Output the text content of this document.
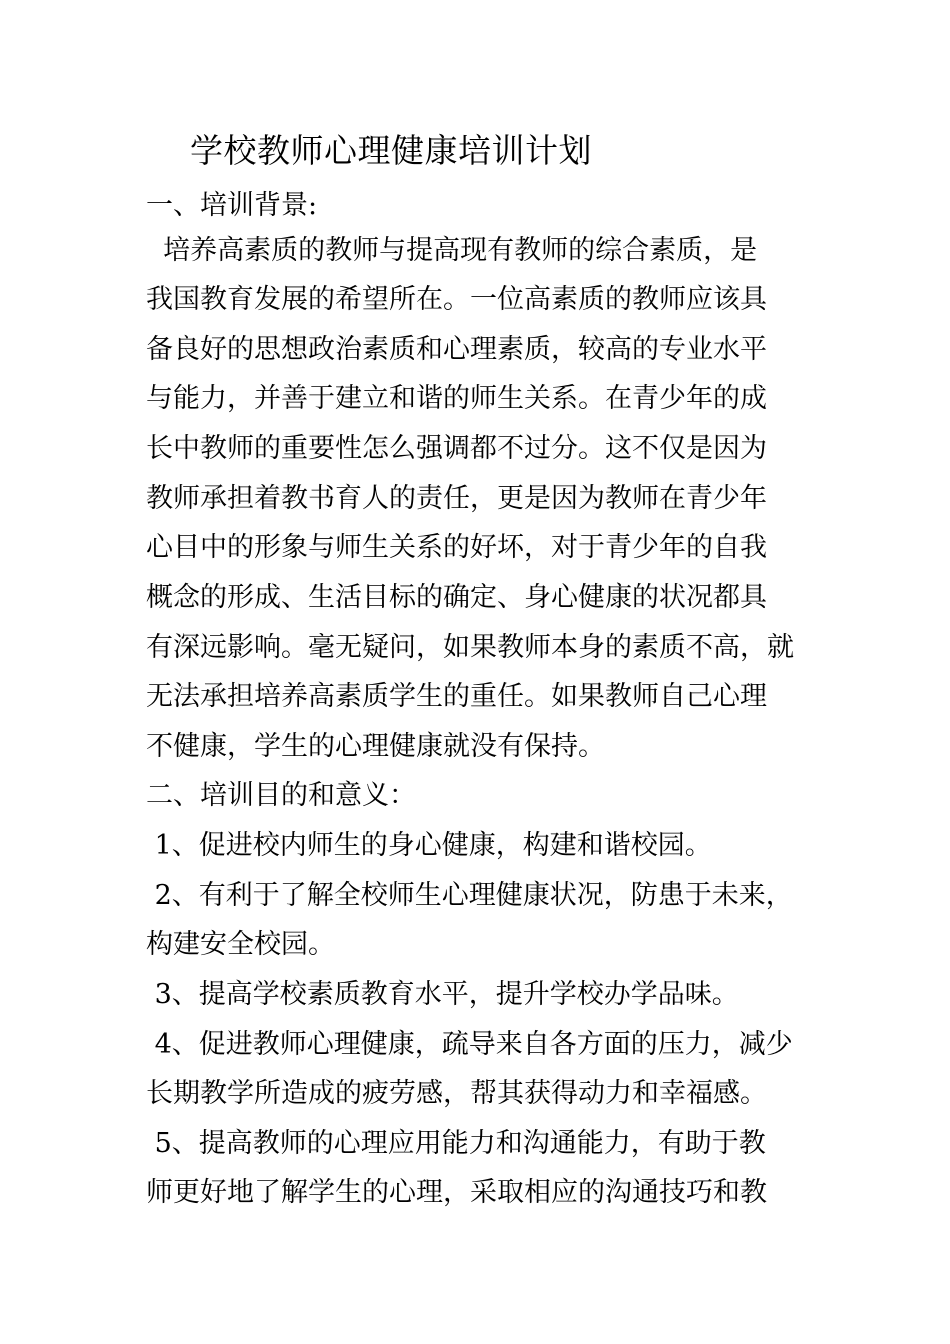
学校教师心理健康培训计划
一、培训背景:
培养高素质的教师与提高现有教师的综合素质，是
我国教育发展的希望所在。一位高素质的教师应该具
备良好的思想政治素质和心理素质，较高的专业水平
与能力，并善于建立和谐的师生关系。在青少年的成
长中教师的重要性怎么强调都不过分。这不仅是因为
教师承担着教书育人的责任，更是因为教师在青少年
心目中的形象与师生关系的好坏，对于青少年的自我
概念的形成、生活目标的确定、身心健康的状况都具
有深远影响。毫无疑问，如果教师本身的素质不高，就
无法承担培养高素质学生的重任。如果教师自己心理
不健康，学生的心理健康就没有保持。
二、培训目的和意义：
1、促进校内师生的身心健康，构建和谐校园。
2、有利于了解全校师生心理健康状况，防患于未来，
构建安全校园。
3、提高学校素质教育水平，提升学校办学品味。
4、促进教师心理健康，疏导来自各方面的压力，减少
长期教学所造成的疲劳感，帮其获得动力和幸福感。
5、提高教师的心理应用能力和沟通能力，有助于教
师更好地了解学生的心理，采取相应的沟通技巧和教
